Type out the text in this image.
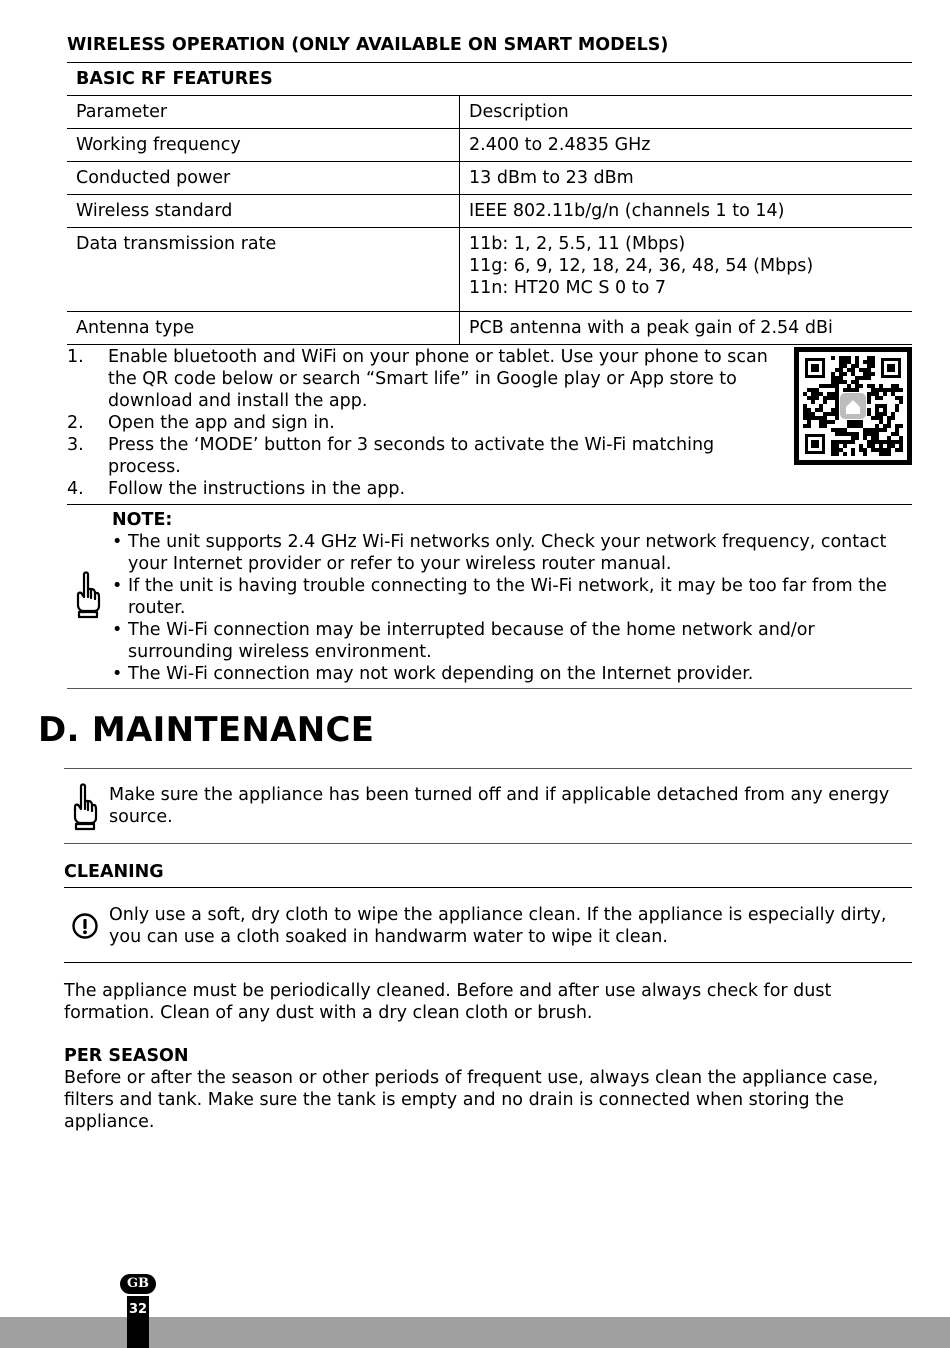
WIRELESS OPERATION (ONLY AVAILABLE ON SMART MODELS)
BASIC RF FEATURES	
Parameter	Description
Working frequency	2.400 to 2.4835 GHz
Conducted power	13 dBm to 23 dBm
Wireless standard	IEEE 802.11b/g/n (channels 1 to 14)
Data transmission rate	11b: 1, 2, 5.5, 11 (Mbps)
11g: 6, 9, 12, 18, 24, 36, 48, 54 (Mbps)
11n: HT20 MC S 0 to 7

Antenna type	PCB antenna with a peak gain of 2.54 dBi
1. Enable bluetooth and WiFi on your phone or tablet. Use your phone to scan the QR code below or search “Smart life” in Google play or App store to download and install the app.
2. Open the app and sign in.
3. Press the ‘MODE’ button for 3 seconds to activate the Wi-Fi matching process.
4. Follow the instructions in the app.
NOTE:
• The unit supports 2.4 GHz Wi-Fi networks only. Check your network frequency, contact your Internet provider or refer to your wireless router manual.
• If the unit is having trouble connecting to the Wi-Fi network, it may be too far from the router.
• The Wi-Fi connection may be interrupted because of the home network and/or surrounding wireless environment.
• The Wi-Fi connection may not work depending on the Internet provider.
D. MAINTENANCE
Make sure the appliance has been turned off and if applicable detached from any energy source.
CLEANING
Only use a soft, dry cloth to wipe the appliance clean. If the appliance is especially dirty, you can use a cloth soaked in handwarm water to wipe it clean.
The appliance must be periodically cleaned. Before and after use always check for dust formation. Clean of any dust with a dry clean cloth or brush.
PER SEASON
Before or after the season or other periods of frequent use, always clean the appliance case, filters and tank. Make sure the tank is empty and no drain is connected when storing the appliance.
GB
32
